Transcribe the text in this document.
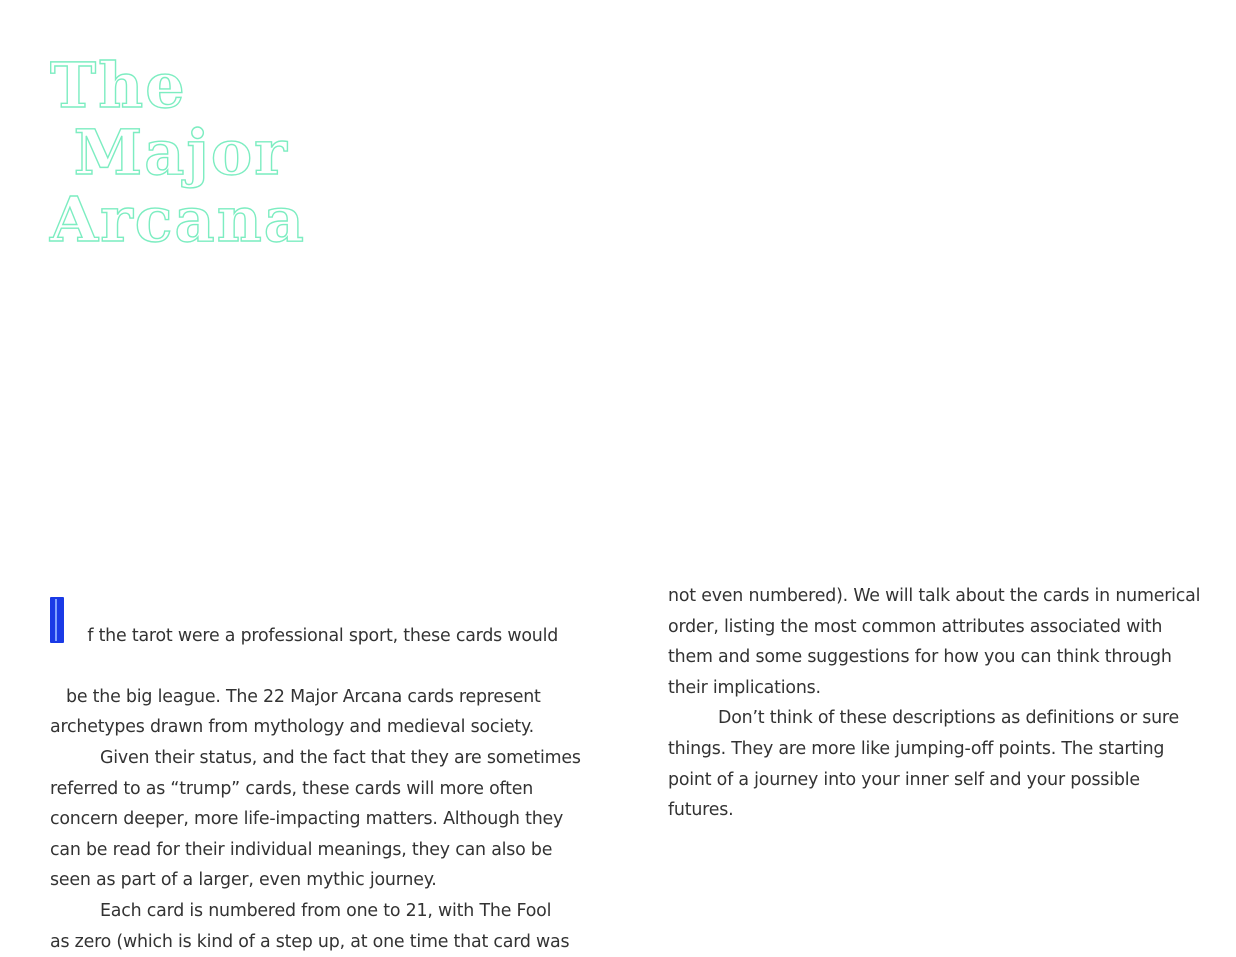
The
Major
Arcana

f the tarot were a professional sport, these cards would

be the big league. The 22 Major Arcana cards represent
archetypes drawn from mythology and medieval society.
Given their status, and the fact that they are sometimes
referred to as “trump” cards, these cards will more often
concern deeper, more life-impacting matters. Although they
can be read for their individual meanings, they can also be
seen as part of a larger, even mythic journey.
Each card is numbered from one to 21, with The Fool
as zero (which is kind of a step up, at one time that card was
not even numbered). We will talk about the cards in numerical
order, listing the most common attributes associated with
them and some suggestions for how you can think through
their implications.
Don’t think of these descriptions as definitions or sure
things. They are more like jumping-off points. The starting
point of a journey into your inner self and your possible
futures.
